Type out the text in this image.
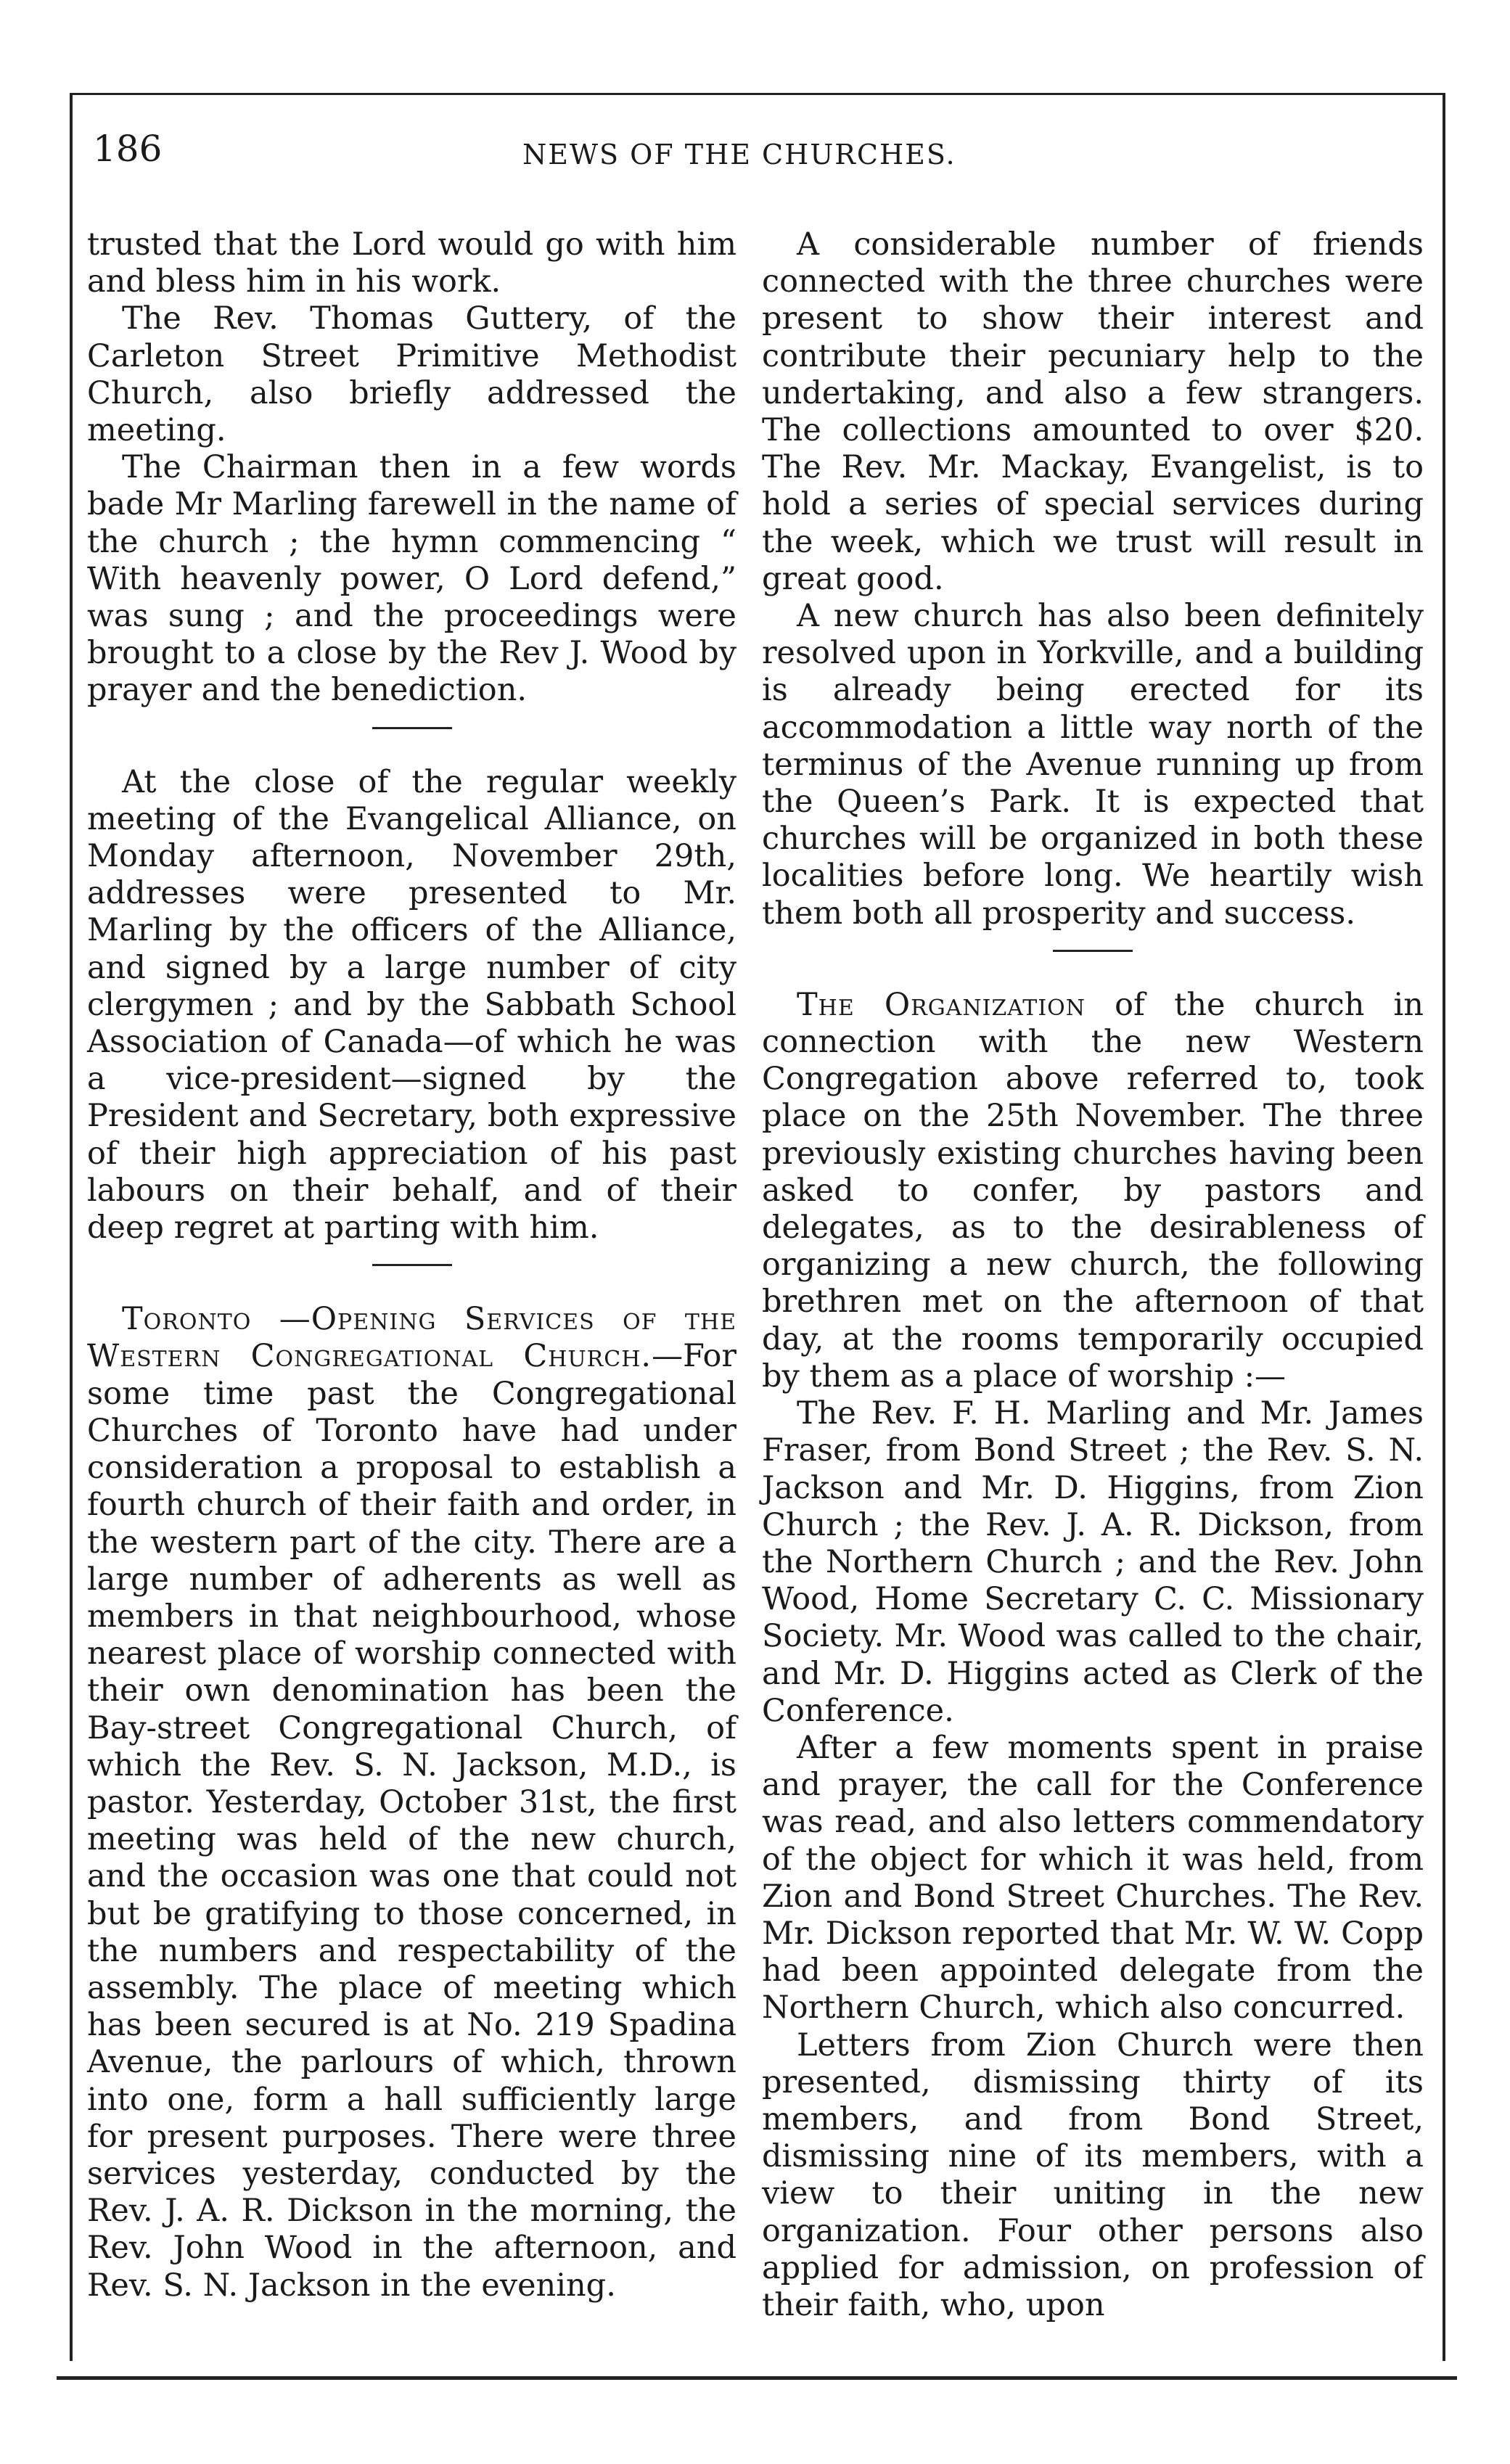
186	NEWS OF THE CHURCHES.

trusted that the Lord would go with him and bless him in his work.

The Rev. Thomas Guttery, of the Carleton Street Primitive Methodist Church, also briefly addressed the meeting.

The Chairman then in a few words bade Mr Marling farewell in the name of the church ; the hymn commencing “ With heavenly power, O Lord defend,” was sung ; and the proceedings were brought to a close by the Rev J. Wood by prayer and the benediction.

At the close of the regular weekly meeting of the Evangelical Alliance, on Monday afternoon, November 29th, addresses were presented to Mr. Marling by the officers of the Alliance, and signed by a large number of city clergymen ; and by the Sabbath School Association of Canada—of which he was a vice-president—signed by the President and Secretary, both expressive of their high appreciation of his past labours on their behalf, and of their deep regret at parting with him.

Toronto —Opening Services of the Western Congregational Church.—For some time past the Congregational Churches of Toronto have had under consideration a proposal to establish a fourth church of their faith and order, in the western part of the city. There are a large number of adherents as well as members in that neighbourhood, whose nearest place of worship connected with their own denomination has been the Bay-street Congregational Church, of which the Rev. S. N. Jackson, M.D., is pastor. Yesterday, October 31st, the first meeting was held of the new church, and the occasion was one that could not but be gratifying to those concerned, in the numbers and respectability of the assembly. The place of meeting which has been secured is at No. 219 Spadina Avenue, the parlours of which, thrown into one, form a hall sufficiently large for present purposes. There were three services yesterday, conducted by the Rev. J. A. R. Dickson in the morning, the Rev. John Wood in the afternoon, and Rev. S. N. Jackson in the evening.

A considerable number of friends connected with the three churches were present to show their interest and contribute their pecuniary help to the undertaking, and also a few strangers. The collections amounted to over $20. The Rev. Mr. Mackay, Evangelist, is to hold a series of special services during the week, which we trust will result in great good.

A new church has also been definitely resolved upon in Yorkville, and a building is already being erected for its accommodation a little way north of the terminus of the Avenue running up from the Queen’s Park. It is expected that churches will be organized in both these localities before long. We heartily wish them both all prosperity and success.

The Organization of the church in connection with the new Western Congregation above referred to, took place on the 25th November. The three previously existing churches having been asked to confer, by pastors and delegates, as to the desirableness of organizing a new church, the following brethren met on the afternoon of that day, at the rooms temporarily occupied by them as a place of worship :—

The Rev. F. H. Marling and Mr. James Fraser, from Bond Street ; the Rev. S. N. Jackson and Mr. D. Higgins, from Zion Church ; the Rev. J. A. R. Dickson, from the Northern Church ; and the Rev. John Wood, Home Secretary C. C. Missionary Society. Mr. Wood was called to the chair, and Mr. D. Higgins acted as Clerk of the Conference.

After a few moments spent in praise and prayer, the call for the Conference was read, and also letters commendatory of the object for which it was held, from Zion and Bond Street Churches. The Rev. Mr. Dickson reported that Mr. W. W. Copp had been appointed delegate from the Northern Church, which also concurred.

Letters from Zion Church were then presented, dismissing thirty of its members, and from Bond Street, dismissing nine of its members, with a view to their uniting in the new organization. Four other persons also applied for admission, on profession of their faith, who, upon
